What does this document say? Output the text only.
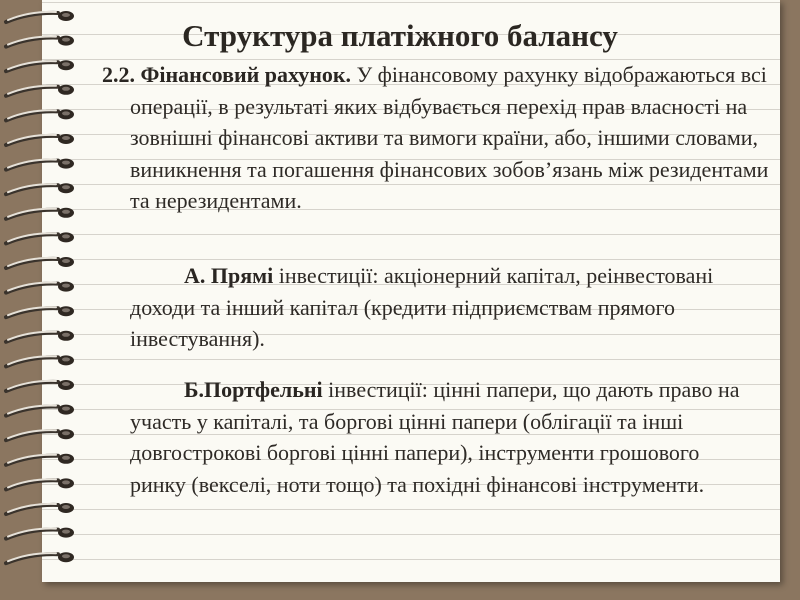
Структура платіжного балансу

2.2. Фінансовий рахунок. У фінансовому рахунку відображаються всі операції, в результаті яких відбувається перехід прав власності на зовнішні фінансові активи та вимоги країни, або, іншими словами, виникнення та погашення фінансових зобов’язань між резидентами та нерезидентами.

А. Прямі інвестиції: акціонерний капітал, реінвестовані доходи та інший капітал (кредити підприємствам прямого інвестування).

Б.Портфельні інвестиції: цінні папери, що дають право на участь у капіталі, та боргові цінні папери (облігації та інші довгострокові боргові цінні папери), інструменти грошового ринку (векселі, ноти тощо) та похідні фінансові інструменти.
